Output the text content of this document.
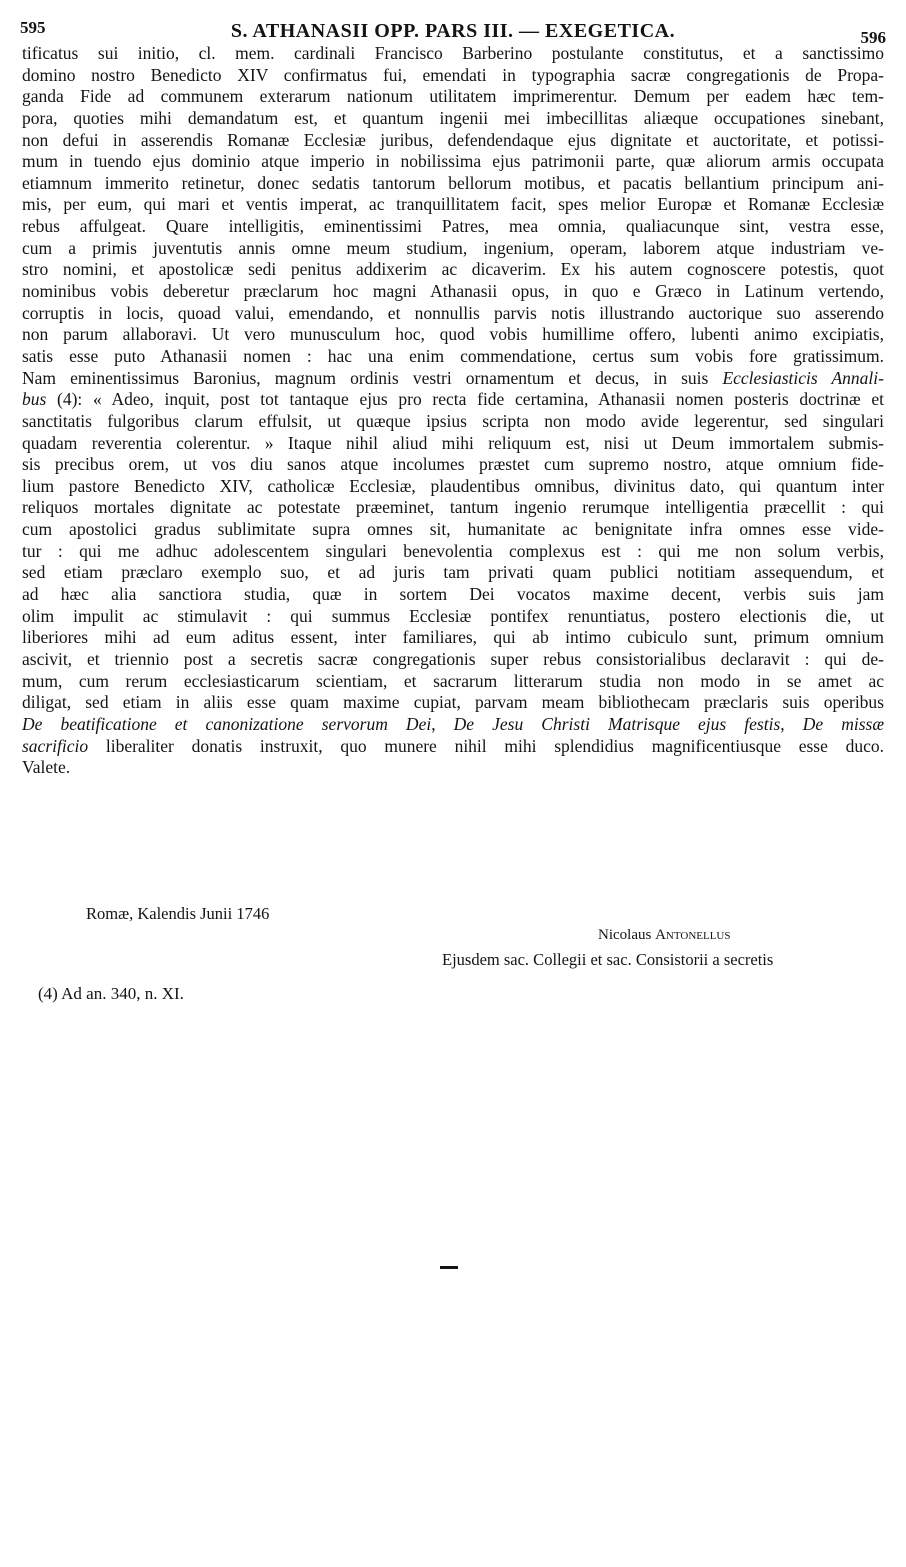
595	S. ATHANASII OPP. PARS III. — EXEGETICA.	596
tificatus sui initio, cl. mem. cardinali Francisco Barberino postulante constitutus, et a sanctissimo
domino nostro Benedicto XIV confirmatus fui, emendati in typographia sacræ congregationis de Propa-
ganda Fide ad communem exterarum nationum utilitatem imprimerentur. Demum per eadem hæc tem-
pora, quoties mihi demandatum est, et quantum ingenii mei imbecillitas aliæque occupationes sinebant,
non defui in asserendis Romanæ Ecclesiæ juribus, defendendaque ejus dignitate et auctoritate, et potissi-
mum in tuendo ejus dominio atque imperio in nobilissima ejus patrimonii parte, quæ aliorum armis occupata
etiamnum immerito retinetur, donec sedatis tantorum bellorum motibus, et pacatis bellantium principum ani-
mis, per eum, qui mari et ventis imperat, ac tranquillitatem facit, spes melior Europæ et Romanæ Ecclesiæ
rebus affulgeat. Quare intelligitis, eminentissimi Patres, mea omnia, qualiacunque sint, vestra esse,
cum a primis juventutis annis omne meum studium, ingenium, operam, laborem atque industriam ve-
stro nomini, et apostolicæ sedi penitus addixerim ac dicaverim. Ex his autem cognoscere potestis, quot
nominibus vobis deberetur præclarum hoc magni Athanasii opus, in quo e Græco in Latinum vertendo,
corruptis in locis, quoad valui, emendando, et nonnullis parvis notis illustrando auctorique suo asserendo
non parum allaboravi. Ut vero munusculum hoc, quod vobis humillime offero, lubenti animo excipiatis,
satis esse puto Athanasii nomen : hac una enim commendatione, certus sum vobis fore gratissimum.
Nam eminentissimus Baronius, magnum ordinis vestri ornamentum et decus, in suis Ecclesiasticis Annali-
bus (4): « Adeo, inquit, post tot tantaque ejus pro recta fide certamina, Athanasii nomen posteris doctrinæ et
sanctitatis fulgoribus clarum effulsit, ut quæque ipsius scripta non modo avide legerentur, sed singulari
quadam reverentia colerentur. » Itaque nihil aliud mihi reliquum est, nisi ut Deum immortalem submis-
sis precibus orem, ut vos diu sanos atque incolumes præstet cum supremo nostro, atque omnium fide-
lium pastore Benedicto XIV, catholicæ Ecclesiæ, plaudentibus omnibus, divinitus dato, qui quantum inter
reliquos mortales dignitate ac potestate præeminet, tantum ingenio rerumque intelligentia præcellit : qui
cum apostolici gradus sublimitate supra omnes sit, humanitate ac benignitate infra omnes esse vide-
tur : qui me adhuc adolescentem singulari benevolentia complexus est : qui me non solum verbis,
sed etiam præclaro exemplo suo, et ad juris tam privati quam publici notitiam assequendum, et
ad hæc alia sanctiora studia, quæ in sortem Dei vocatos maxime decent, verbis suis jam
olim impulit ac stimulavit : qui summus Ecclesiæ pontifex renuntiatus, postero electionis die, ut
liberiores mihi ad eum aditus essent, inter familiares, qui ab intimo cubiculo sunt, primum omnium
ascivit, et triennio post a secretis sacræ congregationis super rebus consistorialibus declaravit : qui de-
mum, cum rerum ecclesiasticarum scientiam, et sacrarum litterarum studia non modo in se amet ac
diligat, sed etiam in aliis esse quam maxime cupiat, parvam meam bibliothecam præclaris suis operibus
De beatificatione et canonizatione servorum Dei, De Jesu Christi Matrisque ejus festis, De missæ
sacrificio liberaliter donatis instruxit, quo munere nihil mihi splendidius magnificentiusque esse duco.
Valete.
Romæ, Kalendis Junii 1746
Nicolaus Antonellus
Ejusdem sac. Collegii et sac. Consistorii a secretis
(4) Ad an. 340, n. XI.
